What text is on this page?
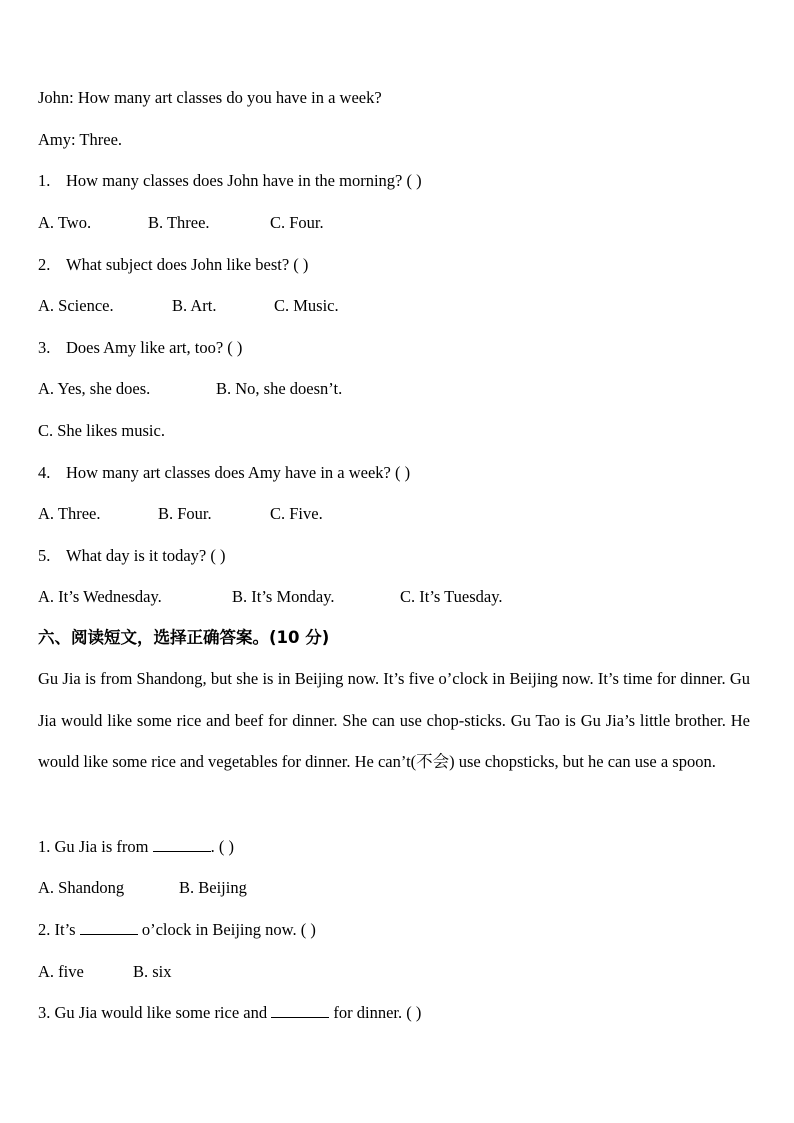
John: How many art classes do you have in a week?
Amy: Three.
1. How many classes does John have in the morning? ( )
A. Two.	B. Three.	C. Four.
2. What subject does John like best? ( )
A. Science.	B. Art.	C. Music.
3. Does Amy like art, too? ( )
A. Yes, she does.	B. No, she doesn’t.
C. She likes music.
4. How many art classes does Amy have in a week? ( )
A. Three.	B. Four.	C. Five.
5. What day is it today? ( )
A. It’s Wednesday.	B. It’s Monday.	C. It’s Tuesday.
六、阅读短文，选择正确答案。(10 分)
Gu Jia is from Shandong, but she is in Beijing now. It’s five o’clock in Beijing now. It’s time for dinner. Gu Jia would like some rice and beef for dinner. She can use chop-sticks. Gu Tao is Gu Jia’s little brother. He would like some rice and vegetables for dinner. He can’t(不会) use chopsticks, but he can use a spoon.
1. Gu Jia is from	. ( )
A. Shandong	B. Beijing
2. It’s	o’clock in Beijing now. ( )
A. five	B. six
3. Gu Jia would like some rice and	for dinner. ( )
